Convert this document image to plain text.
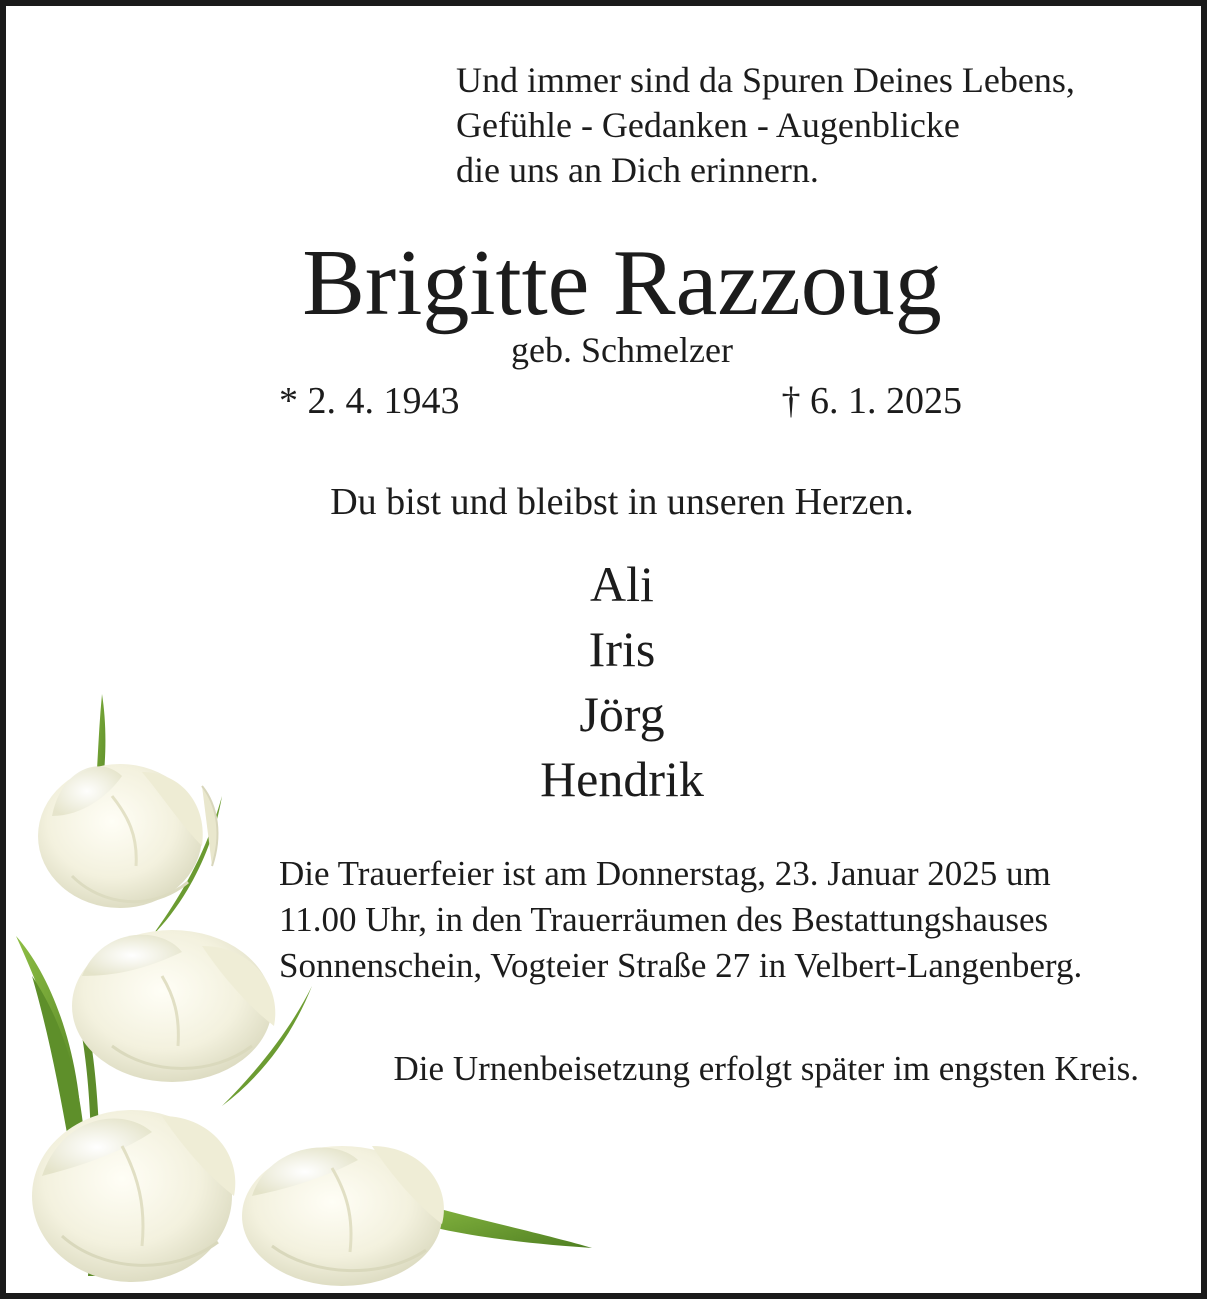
Und immer sind da Spuren Deines Lebens,
Gefühle - Gedanken - Augenblicke
die uns an Dich erinnern.
Brigitte Razzoug
geb. Schmelzer
* 2. 4. 1943	† 6. 1. 2025
Du bist und bleibst in unseren Herzen.
Ali
Iris
Jörg
Hendrik
Die Trauerfeier ist am Donnerstag, 23. Januar 2025 um
11.00 Uhr, in den Trauerräumen des Bestattungshauses
Sonnenschein, Vogteier Straße 27 in Velbert-Langenberg.
Die Urnenbeisetzung erfolgt später im engsten Kreis.
